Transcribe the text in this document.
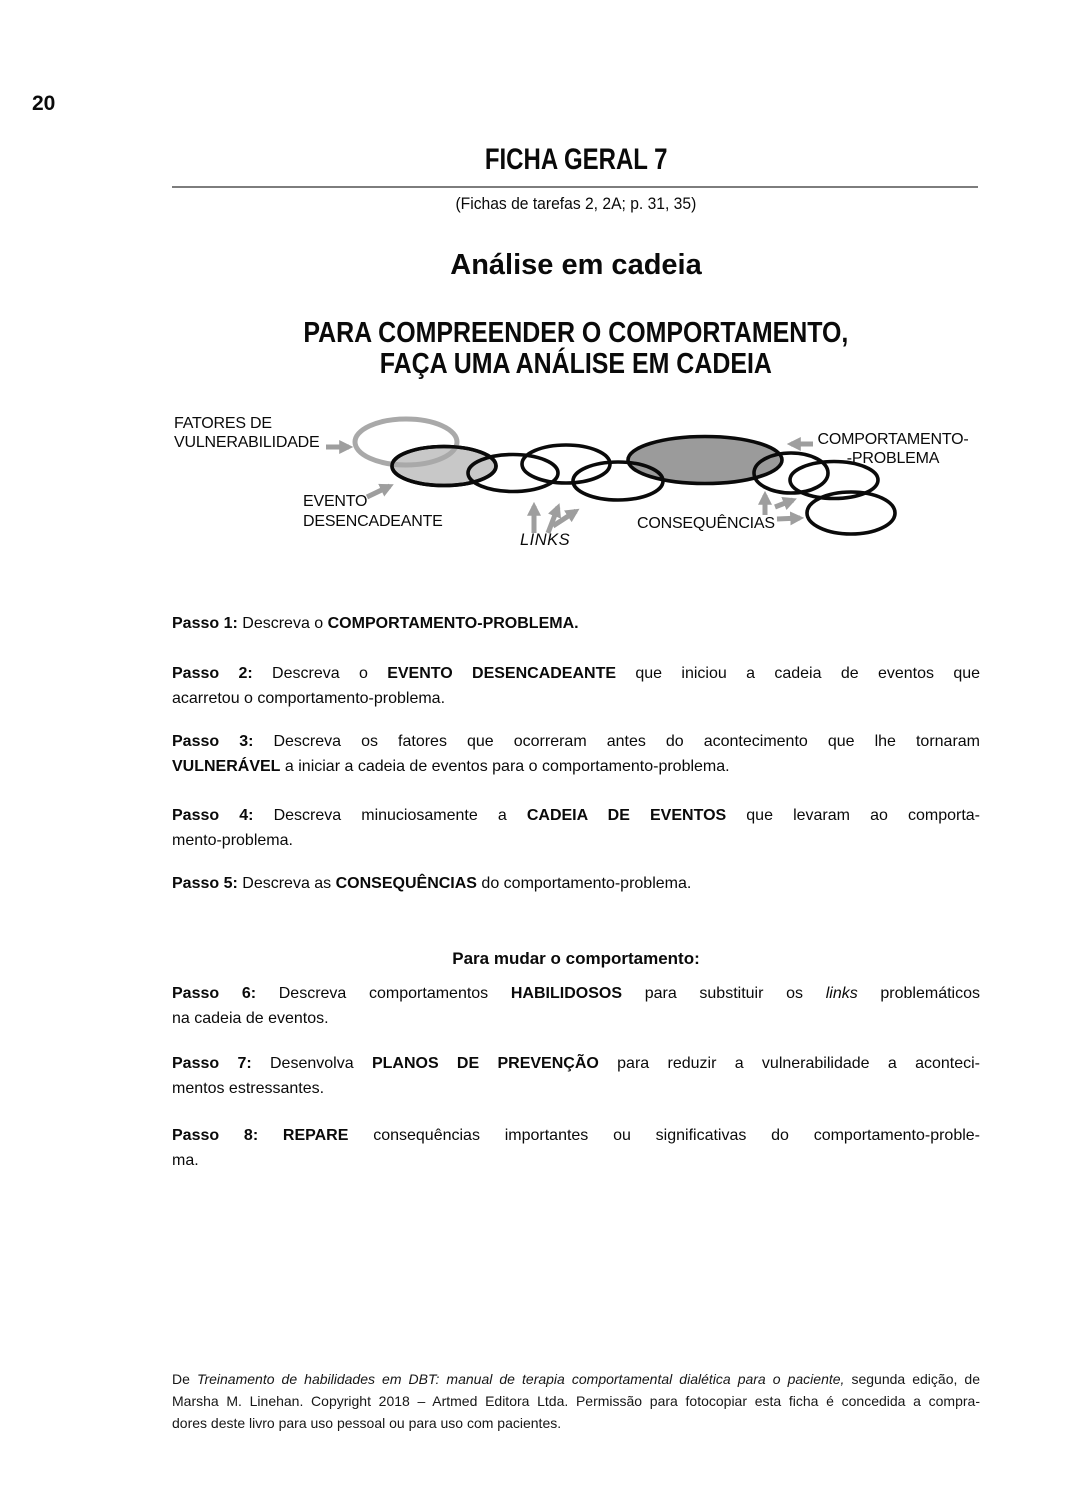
20
FICHA GERAL 7
(Fichas de tarefas 2, 2A; p. 31, 35)
Análise em cadeia
PARA COMPREENDER O COMPORTAMENTO,
FAÇA UMA ANÁLISE EM CADEIA
FATORES DE
VULNERABILIDADE
EVENTO
DESENCADEANTE
LINKS
CONSEQUÊNCIAS
COMPORTAMENTO-
-PROBLEMA
Passo 1: Descreva o COMPORTAMENTO-PROBLEMA.
Passo 2: Descreva o EVENTO DESENCADEANTE que iniciou a cadeia de eventos que
acarretou o comportamento-problema.
Passo 3: Descreva os fatores que ocorreram antes do acontecimento que lhe tornaram
VULNERÁVEL a iniciar a cadeia de eventos para o comportamento-problema.
Passo 4: Descreva minuciosamente a CADEIA DE EVENTOS que levaram ao comporta-
mento-problema.
Passo 5: Descreva as CONSEQUÊNCIAS do comportamento-problema.
Para mudar o comportamento:
Passo 6: Descreva comportamentos HABILIDOSOS para substituir os links problemáticos
na cadeia de eventos.
Passo 7: Desenvolva PLANOS DE PREVENÇÃO para reduzir a vulnerabilidade a aconteci-
mentos estressantes.
Passo 8: REPARE consequências importantes ou significativas do comportamento-proble-
ma.
De Treinamento de habilidades em DBT: manual de terapia comportamental dialética para o paciente, segunda edição, de
Marsha M. Linehan. Copyright 2018 – Artmed Editora Ltda. Permissão para fotocopiar esta ficha é concedida a compra-
dores deste livro para uso pessoal ou para uso com pacientes.
